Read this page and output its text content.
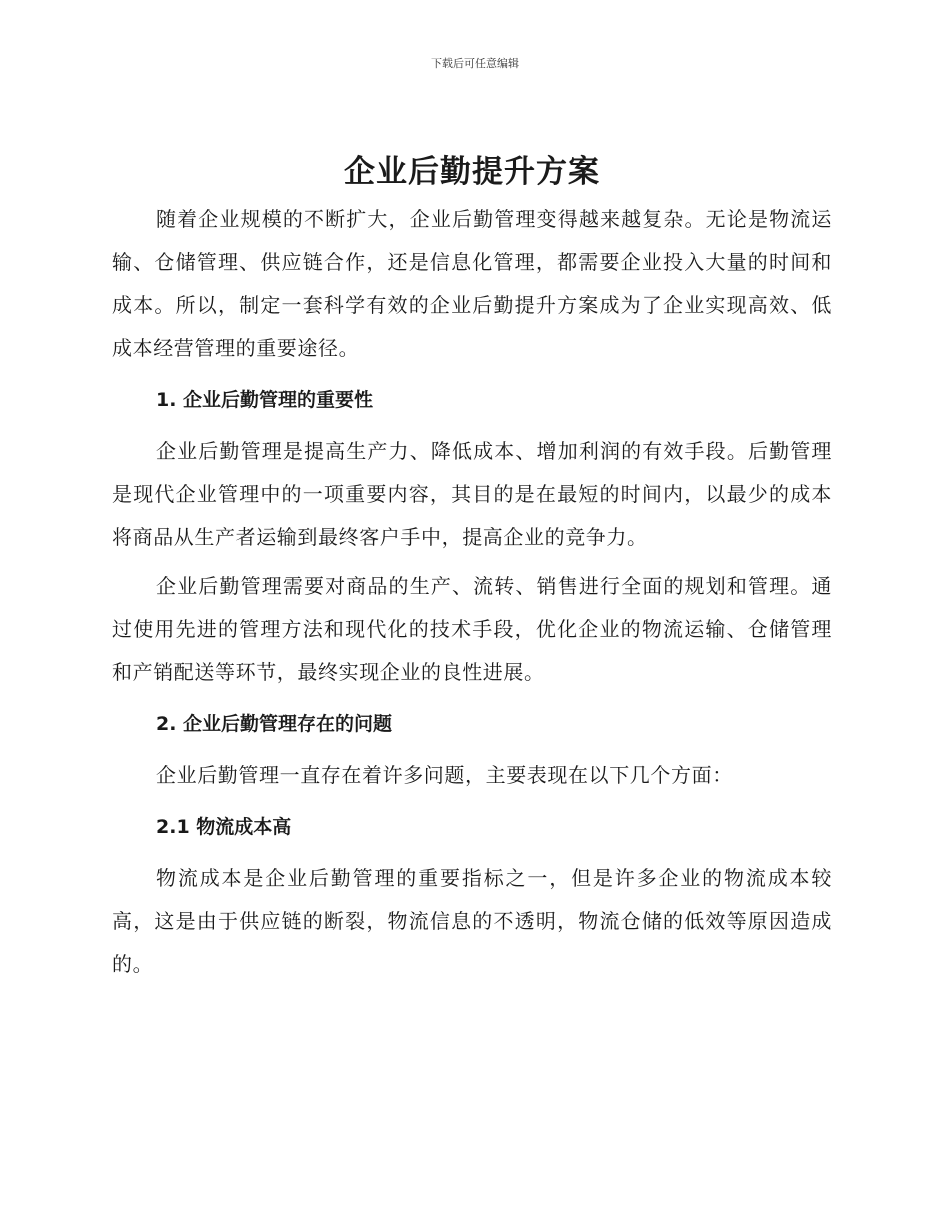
下载后可任意编辑
企业后勤提升方案

随着企业规模的不断扩大，企业后勤管理变得越来越复杂。无论是物流运输、仓储管理、供应链合作，还是信息化管理，都需要企业投入大量的时间和成本。所以，制定一套科学有效的企业后勤提升方案成为了企业实现高效、低成本经营管理的重要途径。

1. 企业后勤管理的重要性

企业后勤管理是提高生产力、降低成本、增加利润的有效手段。后勤管理是现代企业管理中的一项重要内容，其目的是在最短的时间内，以最少的成本将商品从生产者运输到最终客户手中，提高企业的竞争力。

企业后勤管理需要对商品的生产、流转、销售进行全面的规划和管理。通过使用先进的管理方法和现代化的技术手段，优化企业的物流运输、仓储管理和产销配送等环节，最终实现企业的良性进展。

2. 企业后勤管理存在的问题

企业后勤管理一直存在着许多问题，主要表现在以下几个方面：

2.1 物流成本高

物流成本是企业后勤管理的重要指标之一，但是许多企业的物流成本较高，这是由于供应链的断裂，物流信息的不透明，物流仓储的低效等原因造成的。
